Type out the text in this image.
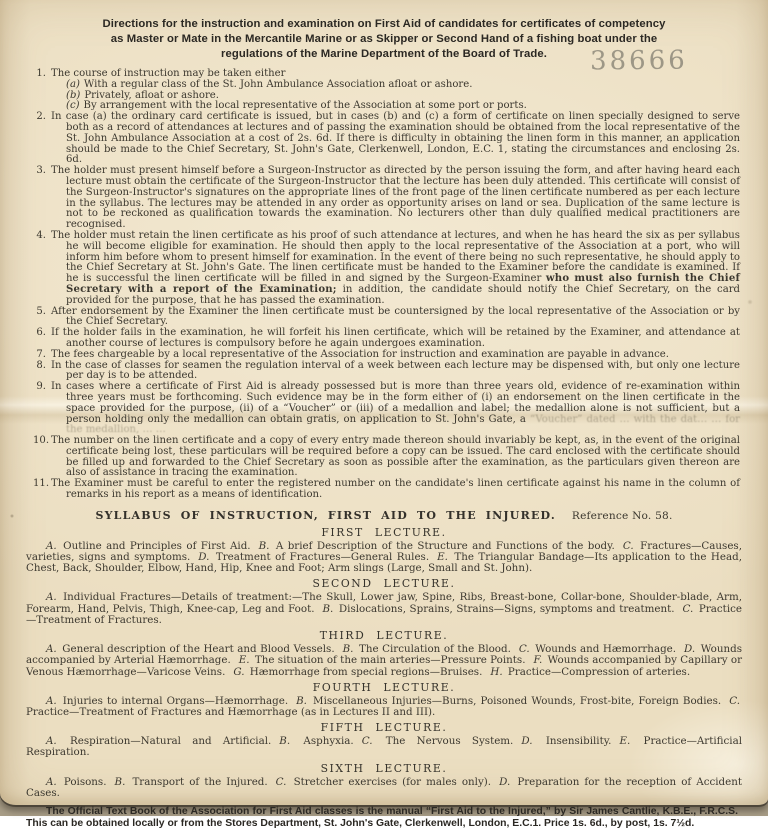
Directions for the instruction and examination on First Aid of candidates for certificates of competency
as Master or Mate in the Mercantile Marine or as Skipper or Second Hand of a fishing boat under the
regulations of the Marine Department of the Board of Trade.	38666
1. The course of instruction may be taken either
(a) With a regular class of the St. John Ambulance Association afloat or ashore.
(b) Privately, afloat or ashore.
(c) By arrangement with the local representative of the Association at some port or ports.
2. In case (a) the ordinary card certificate is issued, but in cases (b) and (c) a form of certificate on linen specially designed to serve both as a record of attendances at lectures and of passing the examination should be obtained from the local representative of the St. John Ambulance Association at a cost of 2s. 6d. If there is difficulty in obtaining the linen form in this manner, an application should be made to the Chief Secretary, St. John's Gate, Clerkenwell, London, E.C. 1, stating the circumstances and enclosing 2s. 6d.
3. The holder must present himself before a Surgeon-Instructor as directed by the person issuing the form, and after having heard each lecture must obtain the certificate of the Surgeon-Instructor that the lecture has been duly attended. This certificate will consist of the Surgeon-Instructor's signatures on the appropriate lines of the front page of the linen certificate numbered as per each lecture in the syllabus. The lectures may be attended in any order as opportunity arises on land or sea. Duplication of the same lecture is not to be reckoned as qualification towards the examination. No lecturers other than duly qualified medical practitioners are recognised.
4. The holder must retain the linen certificate as his proof of such attendance at lectures, and when he has heard the six as per syllabus he will become eligible for examination. He should then apply to the local representative of the Association at a port, who will inform him before whom to present himself for examination. In the event of there being no such representative, he should apply to the Chief Secretary at St. John's Gate. The linen certificate must be handed to the Examiner before the candidate is examined. If he is successful the linen certificate will be filled in and signed by the Surgeon-Examiner who must also furnish the Chief Secretary with a report of the Examination; in addition, the candidate should notify the Chief Secretary, on the card provided for the purpose, that he has passed the examination.
5. After endorsement by the Examiner the linen certificate must be countersigned by the local representative of the Association or by the Chief Secretary.
6. If the holder fails in the examination, he will forfeit his linen certificate, which will be retained by the Examiner, and attendance at another course of lectures is compulsory before he again undergoes examination.
7. The fees chargeable by a local representative of the Association for instruction and examination are payable in advance.
8. In the case of classes for seamen the regulation interval of a week between each lecture may be dispensed with, but only one lecture per day is to be attended.
9. In cases where a certificate of First Aid is already possessed but is more than three years old, evidence of re-examination within three years must be forthcoming. Such evidence may be in the form either of (i) an endorsement on the linen certificate in the space provided for the purpose, (ii) of a “Voucher” or (iii) of a medallion and label; the medallion alone is not sufficient, but a person holding only the medallion can obtain gratis, on application to St. John's Gate, a “Voucher” dated … with the dat… … for the medallion, … …
10. The number on the linen certificate and a copy of every entry made thereon should invariably be kept, as, in the event of the original certificate being lost, these particulars will be required before a copy can be issued. The card enclosed with the certificate should be filled up and forwarded to the Chief Secretary as soon as possible after the examination, as the particulars given thereon are also of assistance in tracing the examination.
11. The Examiner must be careful to enter the registered number on the candidate's linen certificate against his name in the column of remarks in his report as a means of identification.
SYLLABUS OF INSTRUCTION, FIRST AID TO THE INJURED. Reference No. 58.
FIRST LECTURE.
A. Outline and Principles of First Aid. B. A brief Description of the Structure and Functions of the body. C. Fractures—Causes, varieties, signs and symptoms. D. Treatment of Fractures—General Rules. E. The Triangular Bandage—Its application to the Head, Chest, Back, Shoulder, Elbow, Hand, Hip, Knee and Foot; Arm slings (Large, Small and St. John).
SECOND LECTURE.
A. Individual Fractures—Details of treatment:—The Skull, Lower jaw, Spine, Ribs, Breast-bone, Collar-bone, Shoulder-blade, Arm, Forearm, Hand, Pelvis, Thigh, Knee-cap, Leg and Foot. B. Dislocations, Sprains, Strains—Signs, symptoms and treatment. C. Practice—Treatment of Fractures.
THIRD LECTURE.
A. General description of the Heart and Blood Vessels. B. The Circulation of the Blood. C. Wounds and Hæmorrhage. D. Wounds accompanied by Arterial Hæmorrhage. E. The situation of the main arteries—Pressure Points. F. Wounds accompanied by Capillary or Venous Hæmorrhage—Varicose Veins. G. Hæmorrhage from special regions—Bruises. H. Practice—Compression of arteries.
FOURTH LECTURE.
A. Injuries to internal Organs—Hæmorrhage. B. Miscellaneous Injuries—Burns, Poisoned Wounds, Frost-bite, Foreign Bodies. C. Practice—Treatment of Fractures and Hæmorrhage (as in Lectures II and III).
FIFTH LECTURE.
A. Respiration—Natural and Artificial. B. Asphyxia. C. The Nervous System. D. Insensibility. E. Practice—Artificial Respiration.
SIXTH LECTURE.
A. Poisons. B. Transport of the Injured. C. Stretcher exercises (for males only). D. Preparation for the reception of Accident Cases.
The Official Text Book of the Association for First Aid classes is the manual “First Aid to the Injured,” by Sir James Cantlie, K.B.E., F.R.C.S. This can be obtained locally or from the Stores Department, St. John's Gate, Clerkenwell, London, E.C.1. Price 1s. 6d., by post, 1s. 7½d.
